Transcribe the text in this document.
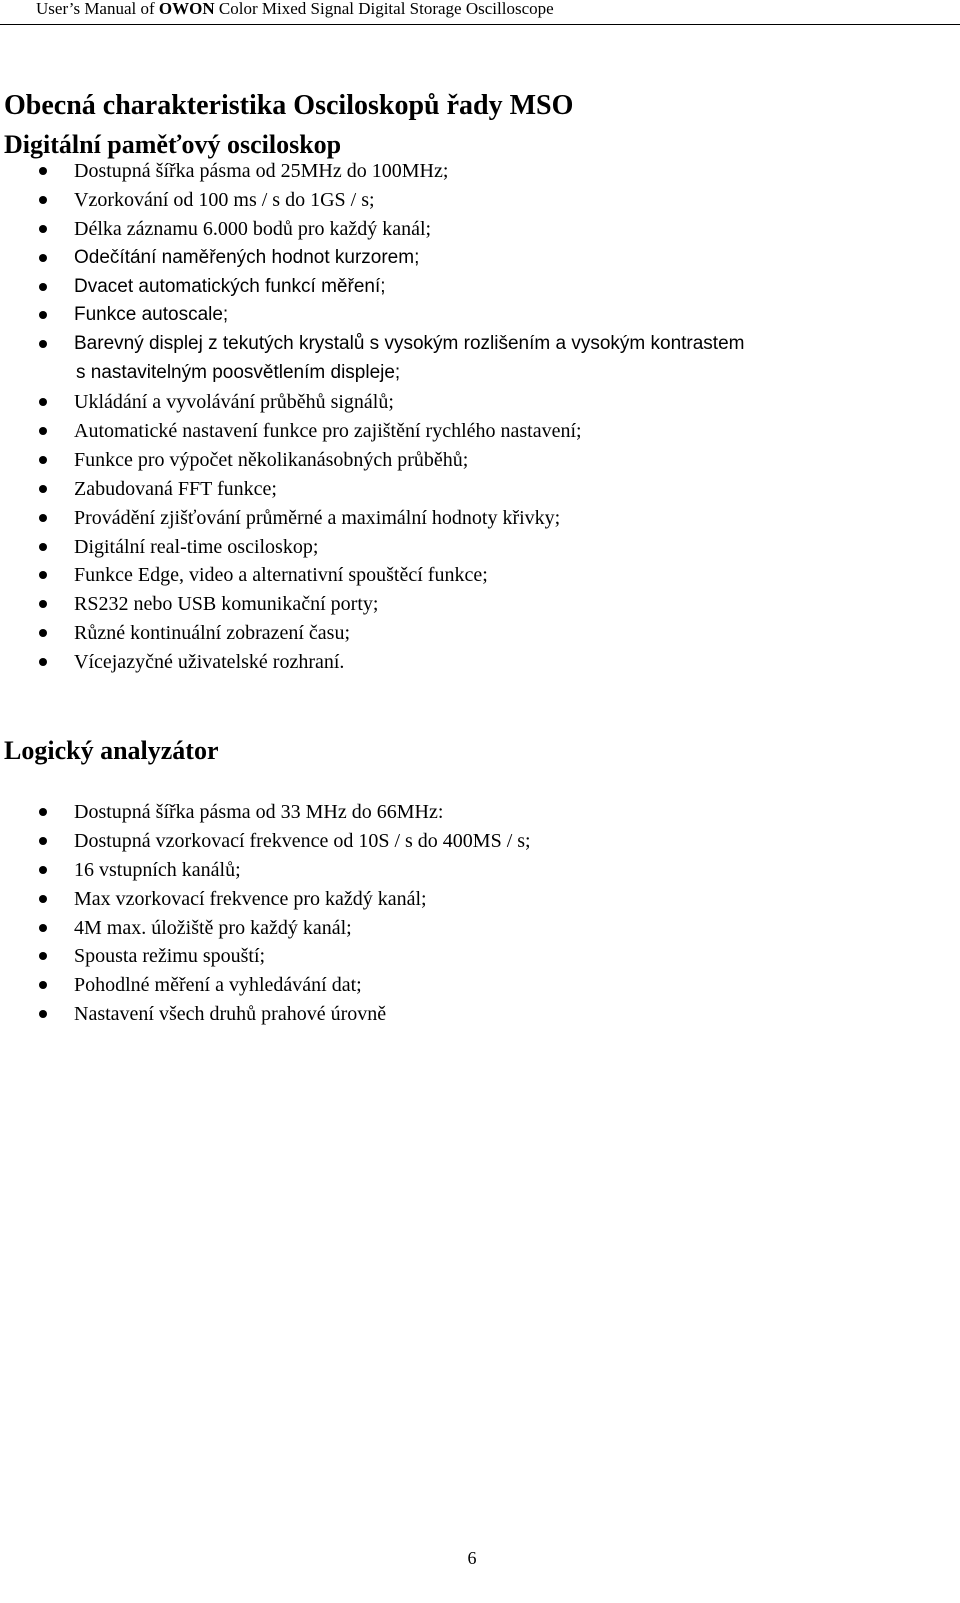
User’s Manual of OWON Color Mixed Signal Digital Storage Oscilloscope
Obecná charakteristika Osciloskopů řady MSO
Digitální paměťový osciloskop
Dostupná šířka pásma od 25MHz do 100MHz;
Vzorkování od 100 ms / s do 1GS / s;
Délka záznamu 6.000 bodů pro každý kanál;
Odečítání naměřených hodnot kurzorem;
Dvacet automatických funkcí měření;
Funkce autoscale;
Barevný displej z tekutých krystalů s vysokým rozlišením a vysokým kontrastem
s nastavitelným poosvětlením displeje;
Ukládání a vyvolávání průběhů signálů;
Automatické nastavení funkce pro zajištění rychlého nastavení;
Funkce pro výpočet několikanásobných průběhů;
Zabudovaná FFT funkce;
Provádění zjišťování průměrné a maximální hodnoty křivky;
Digitální real-time osciloskop;
Funkce Edge, video a alternativní spouštěcí funkce;
RS232 nebo USB komunikační porty;
Různé kontinuální zobrazení času;
Vícejazyčné uživatelské rozhraní.
Logický analyzátor
Dostupná šířka pásma od 33 MHz do 66MHz:
Dostupná vzorkovací frekvence od 10S / s do 400MS / s;
16 vstupních kanálů;
Max vzorkovací frekvence pro každý kanál;
4M max. úložiště pro každý kanál;
Spousta režimu spouští;
Pohodlné měření a vyhledávání dat;
Nastavení všech druhů prahové úrovně
6
